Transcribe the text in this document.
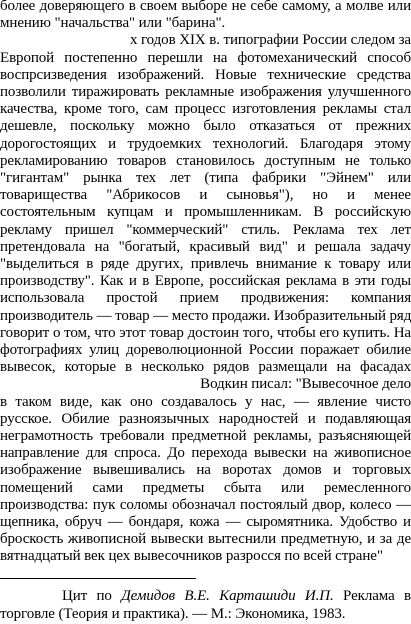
более доверяющего в своем выборе не себе самому, а молве или
мнению "начальства" или "барина".
х годов XIX в. типографии России следом за
Европой постепенно перешли на фотомеханический способ
воспрсизведения изображений. Новые технические средства
позволили тиражировать рекламные изображения улучшенного
качества, кроме того, сам процесс изготовления рекламы стал
дешевле, поскольку можно было отказаться от прежних
дорогостоящих и трудоемких технологий. Благодаря этому
рекламированию товаров становилось доступным не только
"гигантам" рынка тех лет (типа фабрики "Эйнем" или
товарищества "Абрикосов и сыновья"), но и менее
состоятельным купцам и промышленникам. В российскую
рекламу пришел "коммерческий" стиль. Реклама тех лет
претендовала на "богатый, красивый вид" и решала задачу
"выделиться в ряде других, привлечь внимание к товару или
производству". Как и в Европе, российская реклама в эти годы
использовала простой прием продвижения: компания
производитель — товар — место продажи. Изобразительный ряд
говорит о том, что этот товар достоин того, чтобы его купить. На
фотографиях улиц дореволюционной России поражает обилие
вывесок, которые в несколько рядов размещали на фасадах
Водкин писал: "Вывесочное дело
в таком виде, как оно создавалось у нас, — явление чисто
русское. Обилие разноязычных народностей и подавляющая
неграмотность требовали предметной рекламы, разъясняющей
направление для спроса. До перехода вывески на живописное
изображение вывешивались на воротах домов и торговых
помещений сами предметы сбыта или ремесленного
производства: пук соломы обозначал постоялый двор, колесо —
щепника, обруч — бондаря, кожа — сыромятника. Удобство и
броскость живописной вывески вытеснили предметную, и за де
вятнадцатый век цех вывесочников разросся по всей стране"
Цит по Демидов В.Е. Карташиди И.П. Реклама в
торговле (Теория и практика). — М.: Экономика, 1983.
